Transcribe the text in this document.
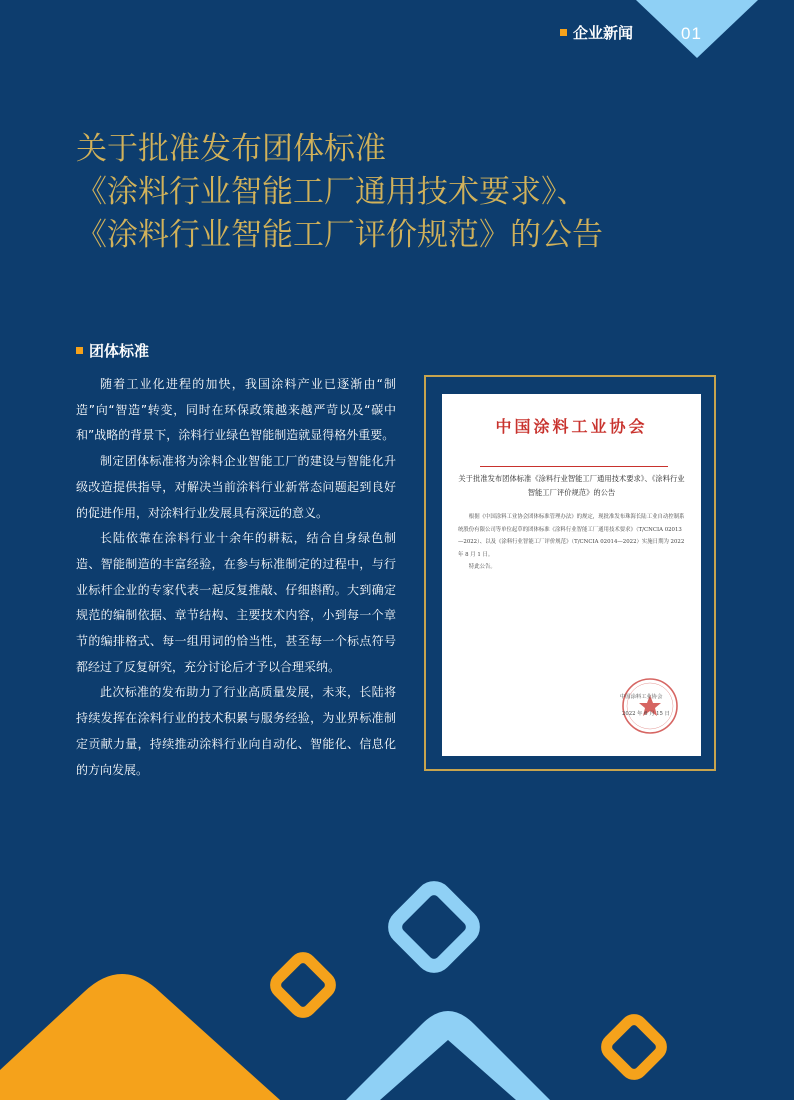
企业新闻	01
关于批准发布团体标准
《涂料行业智能工厂通用技术要求》、
《涂料行业智能工厂评价规范》的公告
团体标准

随着工业化进程的加快，我国涂料产业已逐渐由“制造”向“智造”转变，同时在环保政策越来越严苛以及“碳中和”战略的背景下，涂料行业绿色智能制造就显得格外重要。

制定团体标准将为涂料企业智能工厂的建设与智能化升级改造提供指导，对解决当前涂料行业新常态问题起到良好的促进作用，对涂料行业发展具有深远的意义。

长陆依靠在涂料行业十余年的耕耘，结合自身绿色制造、智能制造的丰富经验，在参与标准制定的过程中，与行业标杆企业的专家代表一起反复推敲、仔细斟酌。大到确定规范的编制依据、章节结构、主要技术内容，小到每一个章节的编排格式、每一组用词的恰当性，甚至每一个标点符号都经过了反复研究，充分讨论后才予以合理采纳。

此次标准的发布助力了行业高质量发展，未来，长陆将持续发挥在涂料行业的技术积累与服务经验，为业界标准制定贡献力量，持续推动涂料行业向自动化、智能化、信息化的方向发展。

中国涂料工业协会
关于批准发布团体标准《涂料行业智能工厂通用技术要求》、《涂料行业智能工厂评价规范》的公告

根据《中国涂料工业协会团体标准管理办法》的规定，现批准发布珠海长陆工业自动控制系统股份有限公司等单位起草的团体标准《涂料行业智能工厂通用技术要求》（T/CNCIA 02013—2022）、以及《涂料行业智能工厂评价规范》（T/CNCIA 02014—2022）实施日期为 2022 年 8 月 1 日。

特此公告。

中国涂料工业协会
2022 年 6 月 15 日
